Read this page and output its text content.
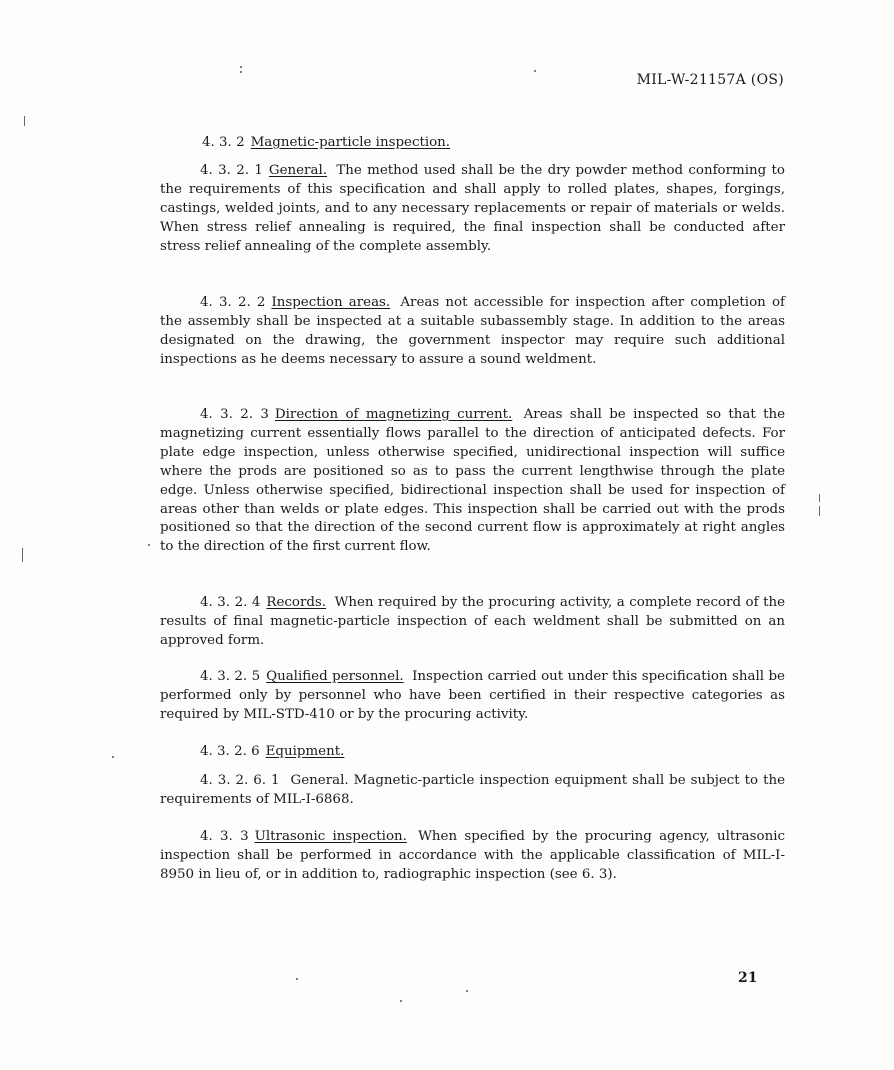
MIL-W-21157A (OS)

4. 3. 2 Magnetic-particle inspection.

4. 3. 2. 1 General. The method used shall be the dry powder method conforming to the requirements of this specification and shall apply to rolled plates, shapes, forgings, castings, welded joints, and to any necessary replacements or repair of materials or welds. When stress relief annealing is required, the final inspection shall be conducted after stress relief annealing of the complete assembly.

4. 3. 2. 2 Inspection areas. Areas not accessible for inspection after completion of the assembly shall be inspected at a suitable subassembly stage. In addition to the areas designated on the drawing, the government inspector may require such additional inspections as he deems necessary to assure a sound weldment.

4. 3. 2. 3 Direction of magnetizing current. Areas shall be inspected so that the magnetizing current essentially flows parallel to the direction of anticipated defects. For plate edge inspection, unless otherwise specified, unidirectional inspection will suffice where the prods are positioned so as to pass the current lengthwise through the plate edge. Unless otherwise specified, bidirectional inspection shall be used for inspection of areas other than welds or plate edges. This inspection shall be carried out with the prods positioned so that the direction of the second current flow is approximately at right angles to the direction of the first current flow.

4. 3. 2. 4 Records. When required by the procuring activity, a complete record of the results of final magnetic-particle inspection of each weldment shall be submitted on an approved form.

4. 3. 2. 5 Qualified personnel. Inspection carried out under this specification shall be performed only by personnel who have been certified in their respective categories as required by MIL-STD-410 or by the procuring activity.

4. 3. 2. 6 Equipment.

4. 3. 2. 6. 1 General. Magnetic-particle inspection equipment shall be subject to the requirements of MIL-I-6868.

4. 3. 3 Ultrasonic inspection. When specified by the procuring agency, ultrasonic inspection shall be performed in accordance with the applicable classification of MIL-I-8950 in lieu of, or in addition to, radiographic inspection (see 6. 3).

21
